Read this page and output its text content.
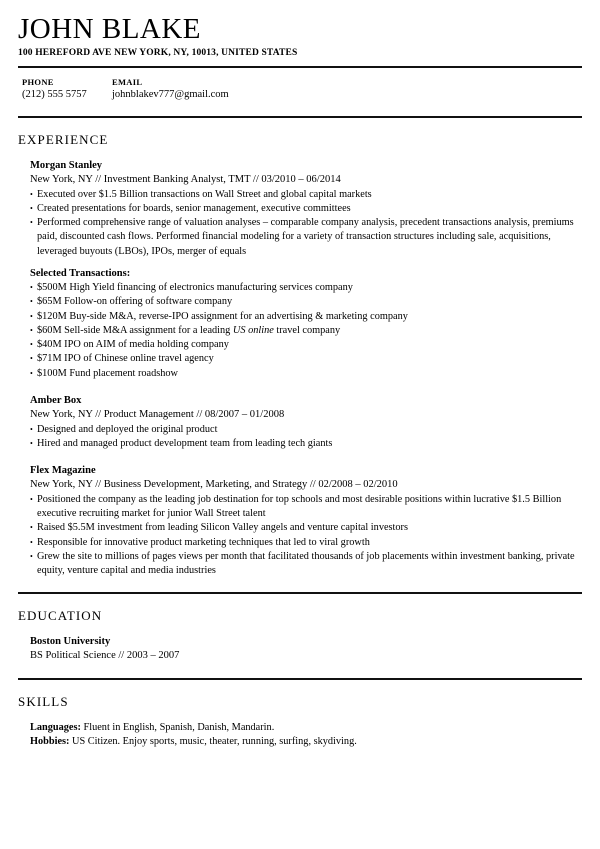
JOHN BLAKE
100 HEREFORD AVE NEW YORK, NY, 10013, UNITED STATES
PHONE
(212) 555 5757
EMAIL
johnblakev777@gmail.com
EXPERIENCE
Morgan Stanley
New York, NY // Investment Banking Analyst, TMT // 03/2010 – 06/2014
• Executed over $1.5 Billion transactions on Wall Street and global capital markets
• Created presentations for boards, senior management, executive committees
• Performed comprehensive range of valuation analyses – comparable company analysis, precedent transactions analysis, premiums paid, discounted cash flows. Performed financial modeling for a variety of transaction structures including sale, acquisitions, leveraged buyouts (LBOs), IPOs, merger of equals
Selected Transactions:
• $500M High Yield financing of electronics manufacturing services company
• $65M Follow-on offering of software company
• $120M Buy-side M&A, reverse-IPO assignment for an advertising & marketing company
• $60M Sell-side M&A assignment for a leading US online travel company
• $40M IPO on AIM of media holding company
• $71M IPO of Chinese online travel agency
• $100M Fund placement roadshow
Amber Box
New York, NY // Product Management // 08/2007 – 01/2008
• Designed and deployed the original product
• Hired and managed product development team from leading tech giants
Flex Magazine
New York, NY // Business Development, Marketing, and Strategy // 02/2008 – 02/2010
• Positioned the company as the leading job destination for top schools and most desirable positions within lucrative $1.5 Billion executive recruiting market for junior Wall Street talent
• Raised $5.5M investment from leading Silicon Valley angels and venture capital investors
• Responsible for innovative product marketing techniques that led to viral growth
• Grew the site to millions of pages views per month that facilitated thousands of job placements within investment banking, private equity, venture capital and media industries
EDUCATION
Boston University
BS Political Science // 2003 – 2007
SKILLS
Languages: Fluent in English, Spanish, Danish, Mandarin.
Hobbies: US Citizen. Enjoy sports, music, theater, running, surfing, skydiving.
